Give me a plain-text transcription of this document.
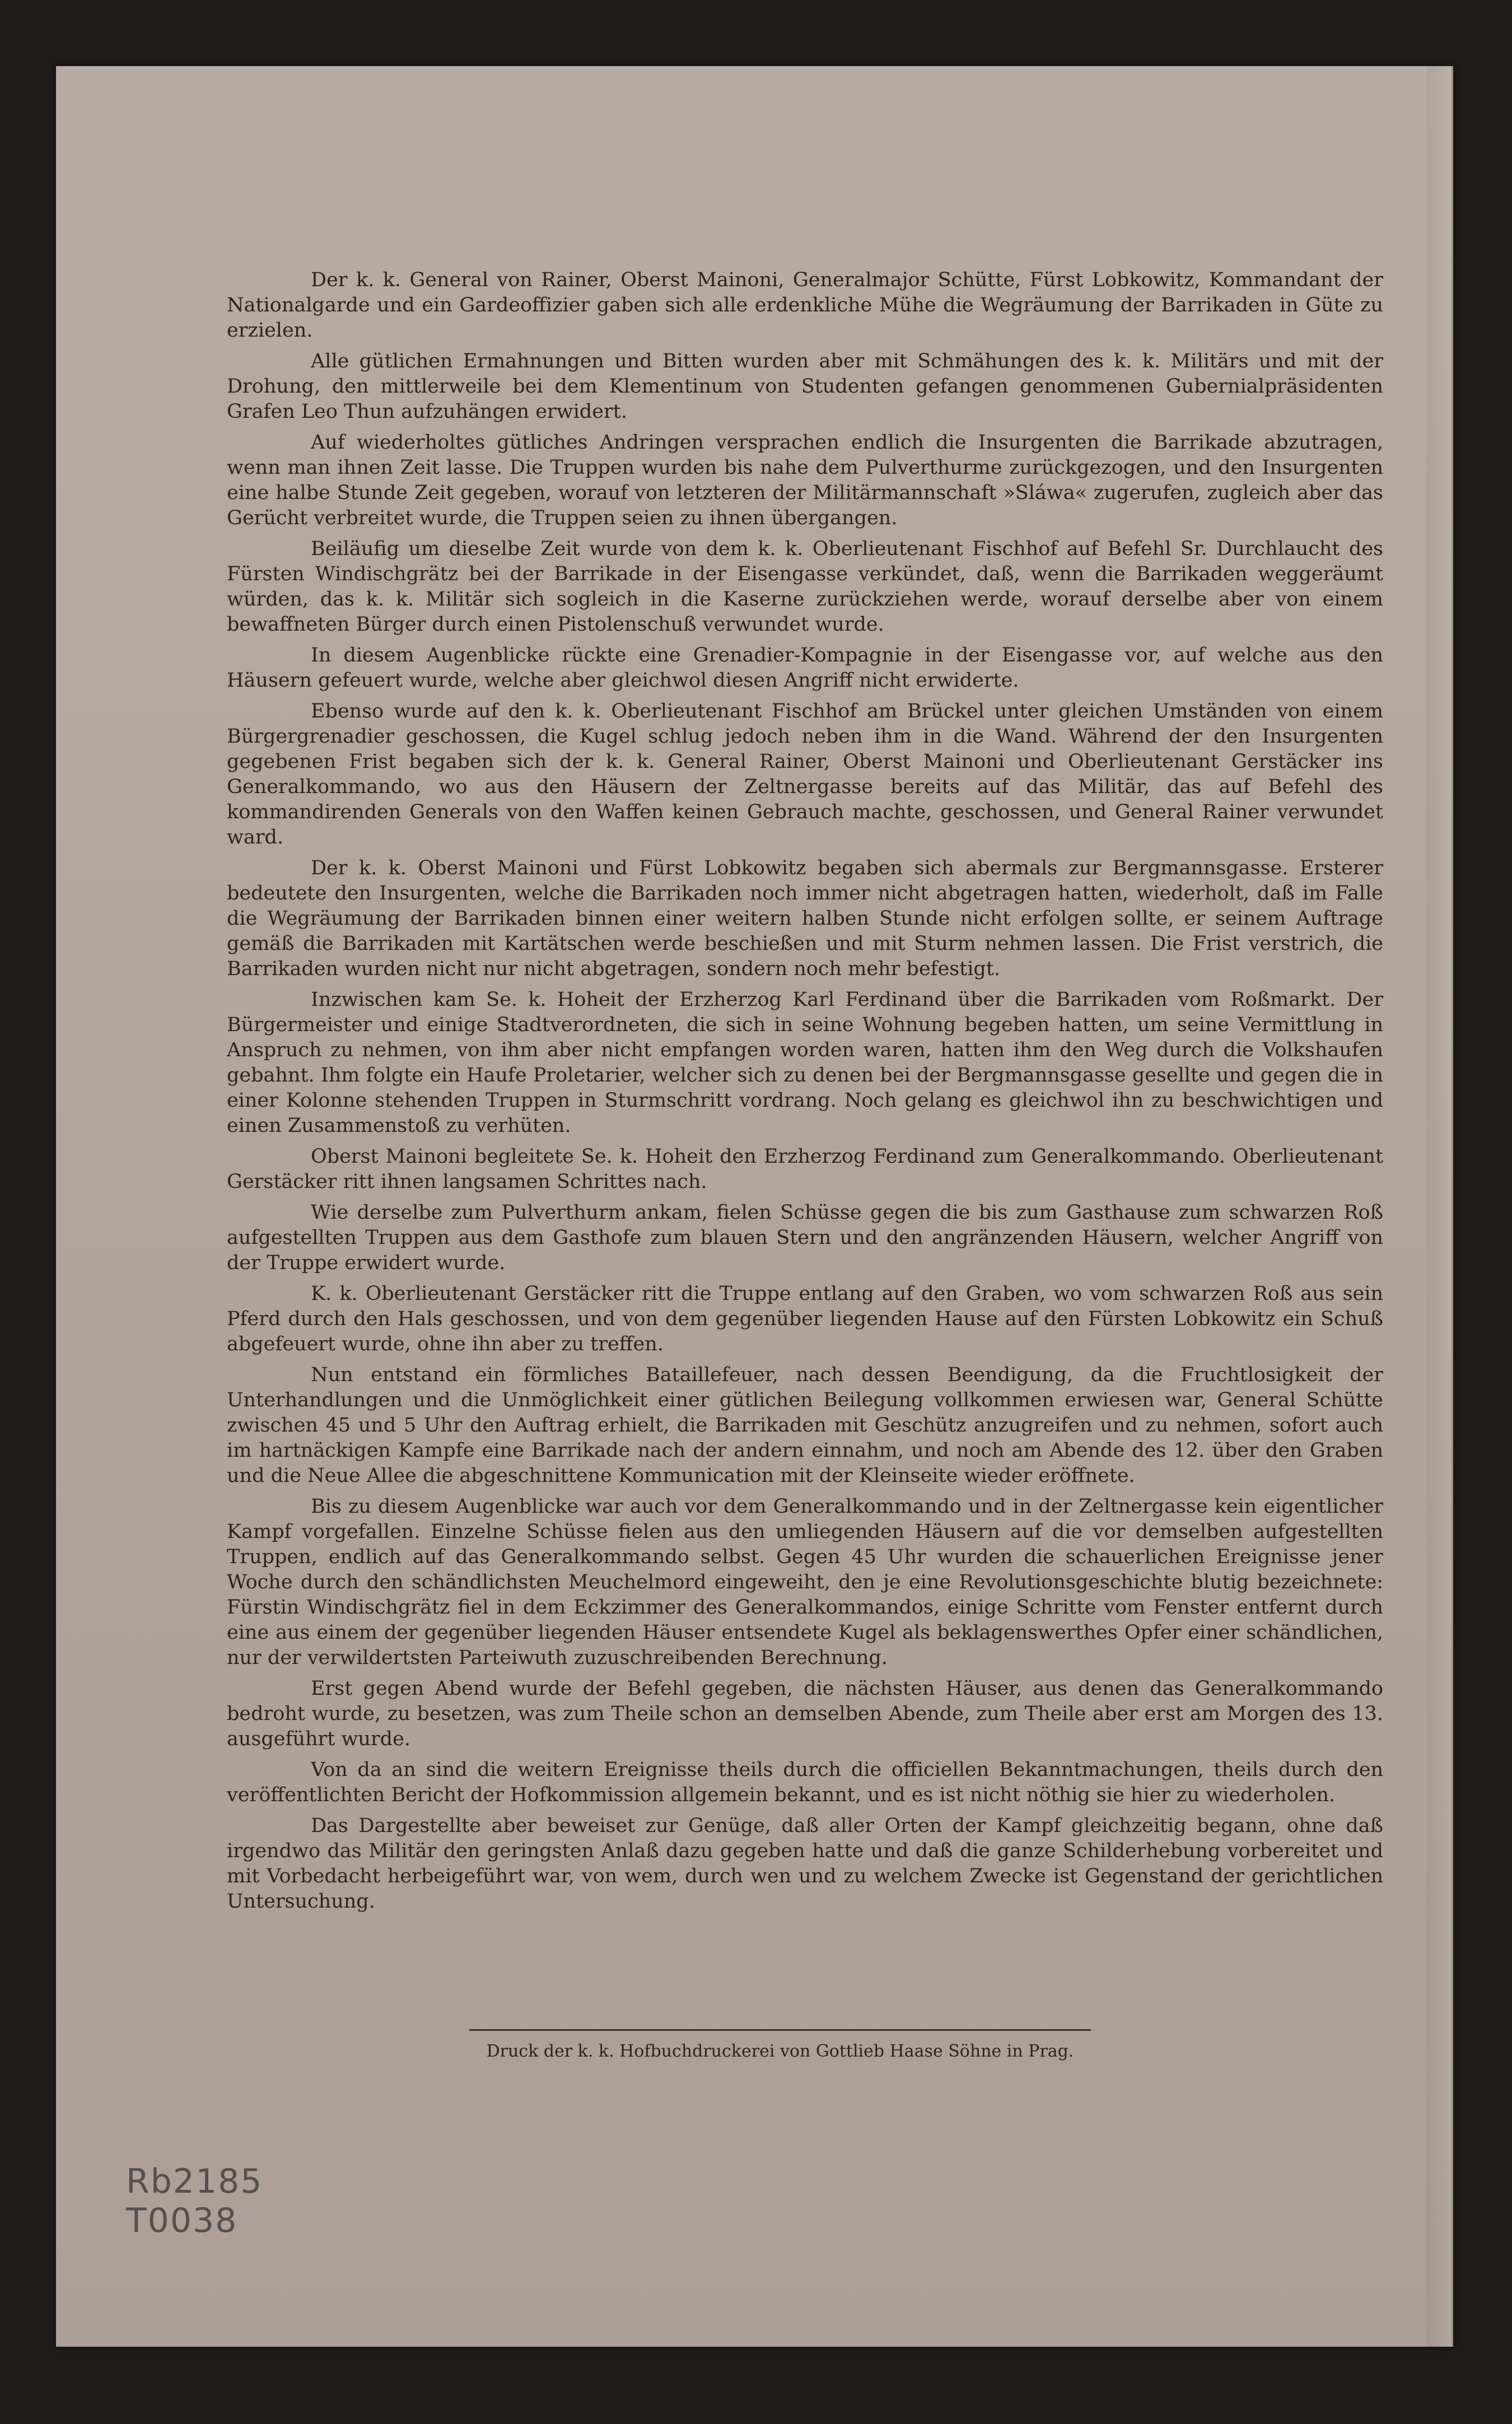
Der k. k. General von Rainer, Oberst Mainoni, Generalmajor Schütte, Fürst Lobkowitz, Kommandant der Nationalgarde und ein Gardeoffizier gaben sich alle erdenkliche Mühe die Wegräumung der Barrikaden in Güte zu erzielen.

Alle gütlichen Ermahnungen und Bitten wurden aber mit Schmähungen des k. k. Militärs und mit der Drohung, den mittlerweile bei dem Klementinum von Studenten gefangen genommenen Gubernialpräsidenten Grafen Leo Thun aufzuhängen erwidert.

Auf wiederholtes gütliches Andringen versprachen endlich die Insurgenten die Barrikade abzutragen, wenn man ihnen Zeit lasse. Die Truppen wurden bis nahe dem Pulverthurme zurückgezogen, und den Insurgenten eine halbe Stunde Zeit gegeben, worauf von letzteren der Militärmannschaft »Sláwa« zugerufen, zugleich aber das Gerücht verbreitet wurde, die Truppen seien zu ihnen übergangen.

Beiläufig um dieselbe Zeit wurde von dem k. k. Oberlieutenant Fischhof auf Befehl Sr. Durchlaucht des Fürsten Windischgrätz bei der Barrikade in der Eisengasse verkündet, daß, wenn die Barrikaden weggeräumt würden, das k. k. Militär sich sogleich in die Kaserne zurückziehen werde, worauf derselbe aber von einem bewaffneten Bürger durch einen Pistolenschuß verwundet wurde.

In diesem Augenblicke rückte eine Grenadier-Kompagnie in der Eisengasse vor, auf welche aus den Häusern gefeuert wurde, welche aber gleichwol diesen Angriff nicht erwiderte.

Ebenso wurde auf den k. k. Oberlieutenant Fischhof am Brückel unter gleichen Umständen von einem Bürgergrenadier geschossen, die Kugel schlug jedoch neben ihm in die Wand. Während der den Insurgenten gegebenen Frist begaben sich der k. k. General Rainer, Oberst Mainoni und Oberlieutenant Gerstäcker ins Generalkommando, wo aus den Häusern der Zeltnergasse bereits auf das Militär, das auf Befehl des kommandirenden Generals von den Waffen keinen Gebrauch machte, geschossen, und General Rainer verwundet ward.

Der k. k. Oberst Mainoni und Fürst Lobkowitz begaben sich abermals zur Bergmannsgasse. Ersterer bedeutete den Insurgenten, welche die Barrikaden noch immer nicht abgetragen hatten, wiederholt, daß im Falle die Wegräumung der Barrikaden binnen einer weitern halben Stunde nicht erfolgen sollte, er seinem Auftrage gemäß die Barrikaden mit Kartätschen werde beschießen und mit Sturm nehmen lassen. Die Frist verstrich, die Barrikaden wurden nicht nur nicht abgetragen, sondern noch mehr befestigt.

Inzwischen kam Se. k. Hoheit der Erzherzog Karl Ferdinand über die Barrikaden vom Roßmarkt. Der Bürgermeister und einige Stadtverordneten, die sich in seine Wohnung begeben hatten, um seine Vermittlung in Anspruch zu nehmen, von ihm aber nicht empfangen worden waren, hatten ihm den Weg durch die Volkshaufen gebahnt. Ihm folgte ein Haufe Proletarier, welcher sich zu denen bei der Bergmannsgasse gesellte und gegen die in einer Kolonne stehenden Truppen in Sturmschritt vordrang. Noch gelang es gleichwol ihn zu beschwichtigen und einen Zusammenstoß zu verhüten.

Oberst Mainoni begleitete Se. k. Hoheit den Erzherzog Ferdinand zum Generalkommando. Oberlieutenant Gerstäcker ritt ihnen langsamen Schrittes nach.

Wie derselbe zum Pulverthurm ankam, fielen Schüsse gegen die bis zum Gasthause zum schwarzen Roß aufgestellten Truppen aus dem Gasthofe zum blauen Stern und den angränzenden Häusern, welcher Angriff von der Truppe erwidert wurde.

K. k. Oberlieutenant Gerstäcker ritt die Truppe entlang auf den Graben, wo vom schwarzen Roß aus sein Pferd durch den Hals geschossen, und von dem gegenüber liegenden Hause auf den Fürsten Lobkowitz ein Schuß abgefeuert wurde, ohne ihn aber zu treffen.

Nun entstand ein förmliches Bataillefeuer, nach dessen Beendigung, da die Fruchtlosigkeit der Unterhandlungen und die Unmöglichkeit einer gütlichen Beilegung vollkommen erwiesen war, General Schütte zwischen 45 und 5 Uhr den Auftrag erhielt, die Barrikaden mit Geschütz anzugreifen und zu nehmen, sofort auch im hartnäckigen Kampfe eine Barrikade nach der andern einnahm, und noch am Abende des 12. über den Graben und die Neue Allee die abgeschnittene Kommunication mit der Kleinseite wieder eröffnete.

Bis zu diesem Augenblicke war auch vor dem Generalkommando und in der Zeltnergasse kein eigentlicher Kampf vorgefallen. Einzelne Schüsse fielen aus den umliegenden Häusern auf die vor demselben aufgestellten Truppen, endlich auf das Generalkommando selbst. Gegen 45 Uhr wurden die schauerlichen Ereignisse jener Woche durch den schändlichsten Meuchelmord eingeweiht, den je eine Revolutionsgeschichte blutig bezeichnete: Fürstin Windischgrätz fiel in dem Eckzimmer des Generalkommandos, einige Schritte vom Fenster entfernt durch eine aus einem der gegenüber liegenden Häuser entsendete Kugel als beklagenswerthes Opfer einer schändlichen, nur der verwildertsten Parteiwuth zuzuschreibenden Berechnung.

Erst gegen Abend wurde der Befehl gegeben, die nächsten Häuser, aus denen das Generalkommando bedroht wurde, zu besetzen, was zum Theile schon an demselben Abende, zum Theile aber erst am Morgen des 13. ausgeführt wurde.

Von da an sind die weitern Ereignisse theils durch die officiellen Bekanntmachungen, theils durch den veröffentlichten Bericht der Hofkommission allgemein bekannt, und es ist nicht nöthig sie hier zu wiederholen.

Das Dargestellte aber beweiset zur Genüge, daß aller Orten der Kampf gleichzeitig begann, ohne daß irgendwo das Militär den geringsten Anlaß dazu gegeben hatte und daß die ganze Schilderhebung vorbereitet und mit Vorbedacht herbeigeführt war, von wem, durch wen und zu welchem Zwecke ist Gegenstand der gerichtlichen Untersuchung.

Druck der k. k. Hofbuchdruckerei von Gottlieb Haase Söhne in Prag.
Rb2185
T0038
